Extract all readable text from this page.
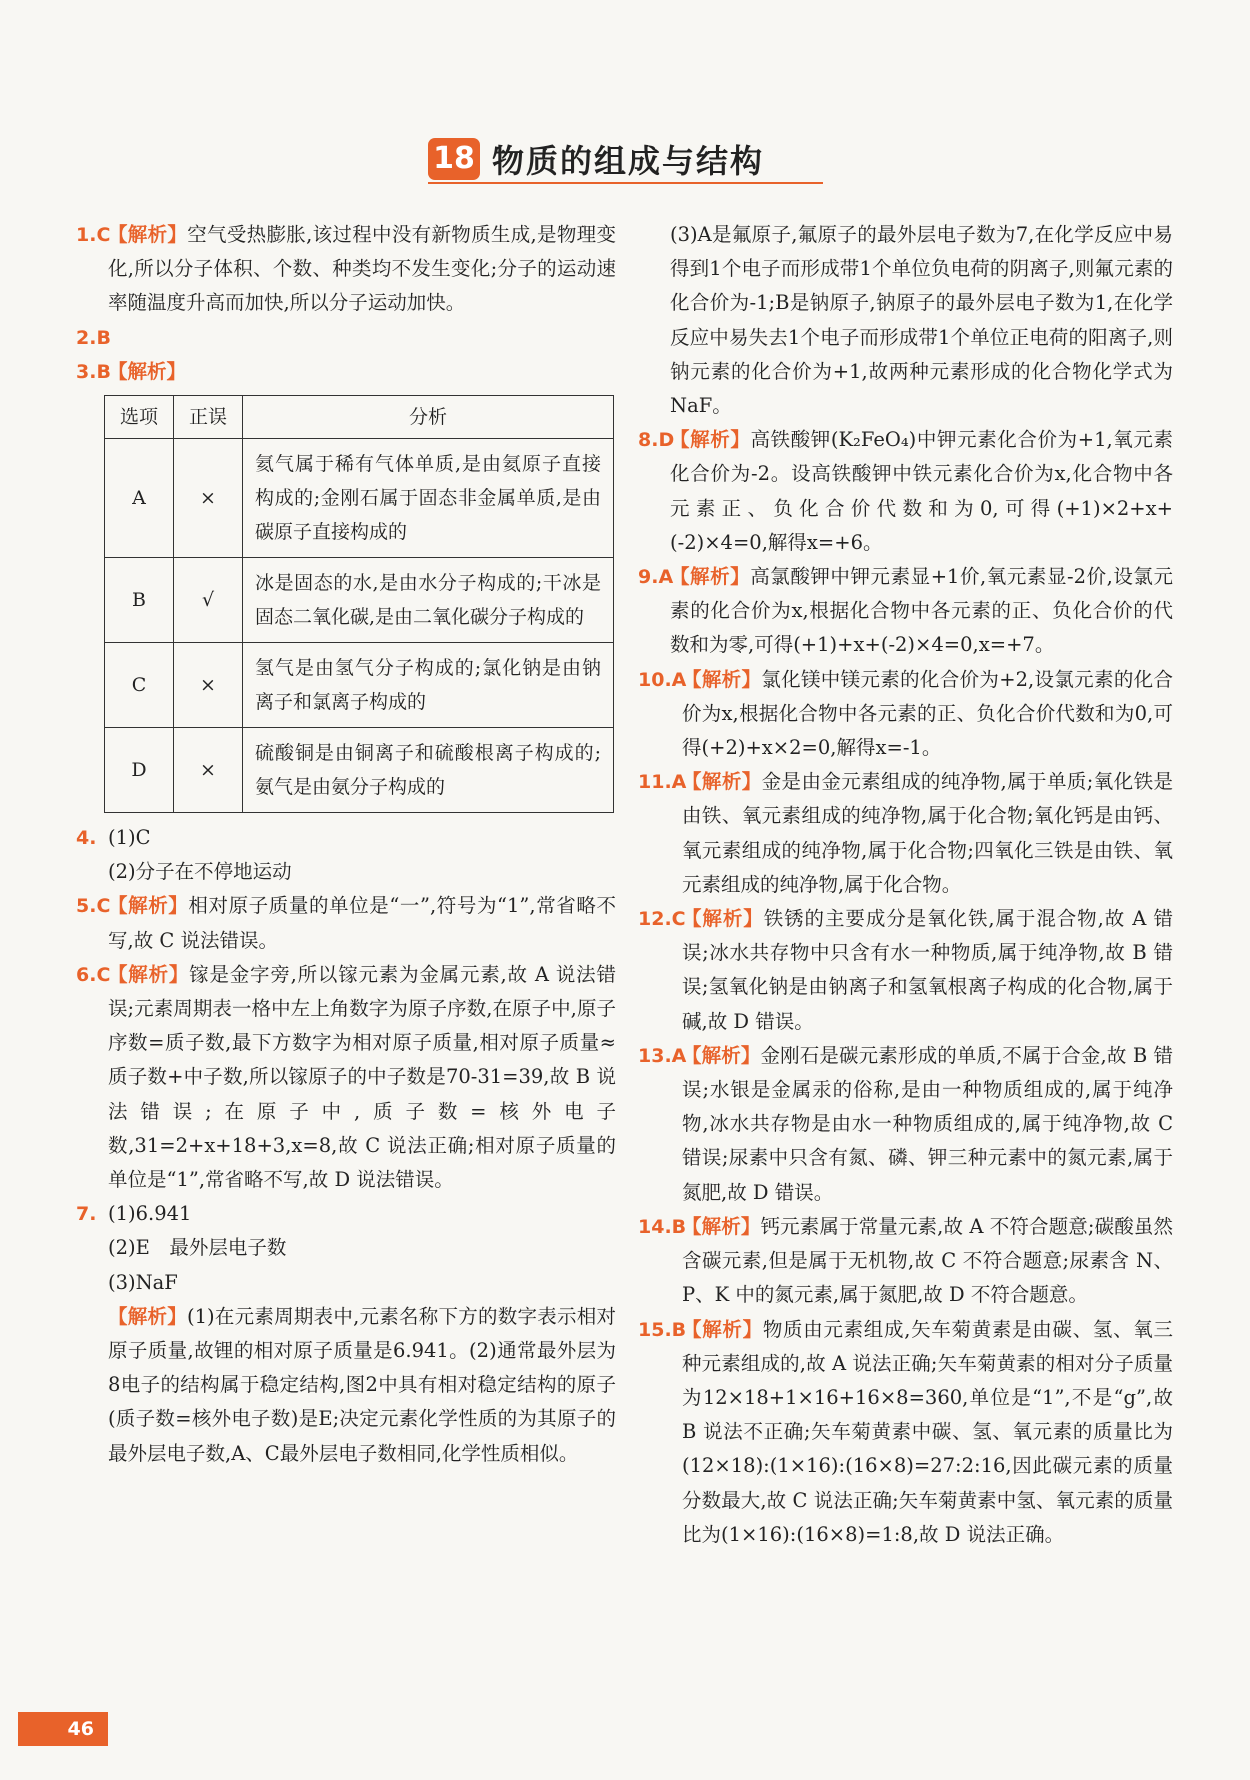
18 物质的组成与结构
1.C
【解析】空气受热膨胀,该过程中没有新物质生成,是物理变化,所以分子体积、个数、种类均不发生变化;分子的运动速率随温度升高而加快,所以分子运动加快。
2.B

3.B
【解析】
选项	正误	分析
A	×	氦气属于稀有气体单质,是由氦原子直接构成的;金刚石属于固态非金属单质,是由碳原子直接构成的
B	√	冰是固态的水,是由水分子构成的;干冰是固态二氧化碳,是由二氧化碳分子构成的
C	×	氢气是由氢气分子构成的;氯化钠是由钠离子和氯离子构成的
D	×	硫酸铜是由铜离子和硫酸根离子构成的;氨气是由氨分子构成的
4. (1)C
(2)分子在不停地运动
5.C
【解析】相对原子质量的单位是“一”,符号为“1”,常省略不写,故 C 说法错误。
6.C
【解析】镓是金字旁,所以镓元素为金属元素,故 A 说法错误;元素周期表一格中左上角数字为原子序数,在原子中,原子序数=质子数,最下方数字为相对原子质量,相对原子质量≈质子数+中子数,所以镓原子的中子数是70-31=39,故 B 说法错误;在原子中,质子数=核外电子数,31=2+x+18+3,x=8,故 C 说法正确;相对原子质量的单位是“1”,常省略不写,故 D 说法错误。
7. (1)6.941
(2)E　最外层电子数
(3)NaF
【解析】(1)在元素周期表中,元素名称下方的数字表示相对原子质量,故锂的相对原子质量是6.941。(2)通常最外层为8电子的结构属于稳定结构,图2中具有相对稳定结构的原子(质子数=核外电子数)是E;决定元素化学性质的为其原子的最外层电子数,A、C最外层电子数相同,化学性质相似。
(3)A是氟原子,氟原子的最外层电子数为7,在化学反应中易得到1个电子而形成带1个单位负电荷的阴离子,则氟元素的化合价为-1;B是钠原子,钠原子的最外层电子数为1,在化学反应中易失去1个电子而形成带1个单位正电荷的阳离子,则钠元素的化合价为+1,故两种元素形成的化合物化学式为NaF。
8.D
【解析】高铁酸钾(K₂FeO₄)中钾元素化合价为+1,氧元素化合价为-2。设高铁酸钾中铁元素化合价为x,化合物中各元素正、负化合价代数和为0,可得(+1)×2+x+(-2)×4=0,解得x=+6。
9.A
【解析】高氯酸钾中钾元素显+1价,氧元素显-2价,设氯元素的化合价为x,根据化合物中各元素的正、负化合价的代数和为零,可得(+1)+x+(-2)×4=0,x=+7。
10.A
【解析】氯化镁中镁元素的化合价为+2,设氯元素的化合价为x,根据化合物中各元素的正、负化合价代数和为0,可得(+2)+x×2=0,解得x=-1。
11.A
【解析】金是由金元素组成的纯净物,属于单质;氧化铁是由铁、氧元素组成的纯净物,属于化合物;氧化钙是由钙、氧元素组成的纯净物,属于化合物;四氧化三铁是由铁、氧元素组成的纯净物,属于化合物。
12.C
【解析】铁锈的主要成分是氧化铁,属于混合物,故 A 错误;冰水共存物中只含有水一种物质,属于纯净物,故 B 错误;氢氧化钠是由钠离子和氢氧根离子构成的化合物,属于碱,故 D 错误。
13.A
【解析】金刚石是碳元素形成的单质,不属于合金,故 B 错误;水银是金属汞的俗称,是由一种物质组成的,属于纯净物,冰水共存物是由水一种物质组成的,属于纯净物,故 C 错误;尿素中只含有氮、磷、钾三种元素中的氮元素,属于氮肥,故 D 错误。
14.B
【解析】钙元素属于常量元素,故 A 不符合题意;碳酸虽然含碳元素,但是属于无机物,故 C 不符合题意;尿素含 N、P、K 中的氮元素,属于氮肥,故 D 不符合题意。
15.B
【解析】物质由元素组成,矢车菊黄素是由碳、氢、氧三种元素组成的,故 A 说法正确;矢车菊黄素的相对分子质量为12×18+1×16+16×8=360,单位是“1”,不是“g”,故 B 说法不正确;矢车菊黄素中碳、氢、氧元素的质量比为(12×18):(1×16):(16×8)=27:2:16,因此碳元素的质量分数最大,故 C 说法正确;矢车菊黄素中氢、氧元素的质量比为(1×16):(16×8)=1:8,故 D 说法正确。
46
